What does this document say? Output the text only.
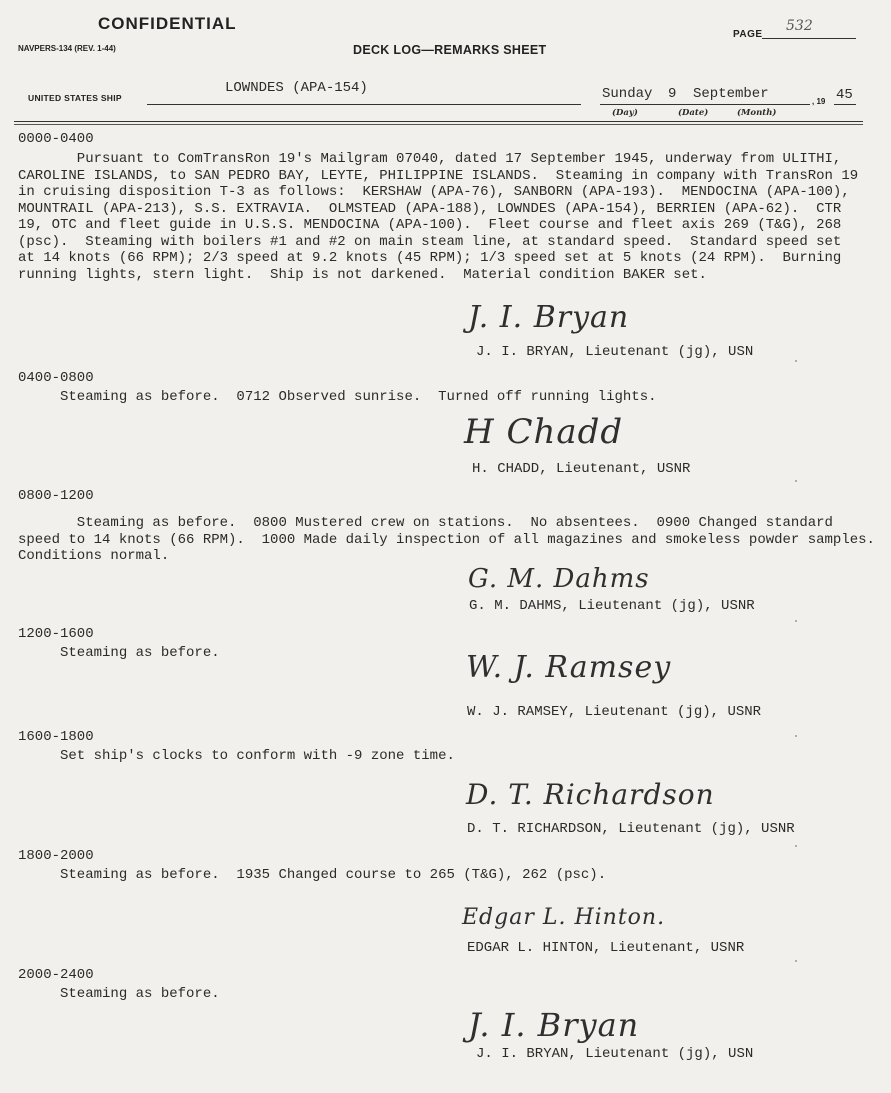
CONFIDENTIAL
PAGE
532
NAVPERS-134 (REV. 1-44)	DECK LOG—REMARKS SHEET
UNITED STATES SHIP
LOWNDES (APA-154)	Sunday 9 September	, 19 45
(Day)	(Date)	(Month)
0000-0400
Pursuant to ComTransRon 19's Mailgram 07040, dated 17 September 1945, underway from ULITHI,
CAROLINE ISLANDS, to SAN PEDRO BAY, LEYTE, PHILIPPINE ISLANDS.  Steaming in company with TransRon 19
in cruising disposition T-3 as follows:  KERSHAW (APA-76), SANBORN (APA-193).  MENDOCINA (APA-100),
MOUNTRAIL (APA-213), S.S. EXTRAVIA.  OLMSTEAD (APA-188), LOWNDES (APA-154), BERRIEN (APA-62).  CTR
19, OTC and fleet guide in U.S.S. MENDOCINA (APA-100).  Fleet course and fleet axis 269 (T&G), 268
(psc).  Steaming with boilers #1 and #2 on main steam line, at standard speed.  Standard speed set
at 14 knots (66 RPM); 2/3 speed at 9.2 knots (45 RPM); 1/3 speed set at 5 knots (24 RPM).  Burning
running lights, stern light.  Ship is not darkened.  Material condition BAKER set.
J. I. Bryan
J. I. BRYAN, Lieutenant (jg), USN
0400-0800
Steaming as before.  0712 Observed sunrise.  Turned off running lights.
H Chadd
H. CHADD, Lieutenant, USNR
0800-1200
Steaming as before.  0800 Mustered crew on stations.  No absentees.  0900 Changed standard
speed to 14 knots (66 RPM).  1000 Made daily inspection of all magazines and smokeless powder samples.
Conditions normal.
G. M. Dahms
G. M. DAHMS, Lieutenant (jg), USNR
1200-1600
Steaming as before.	W. J. Ramsey
W. J. RAMSEY, Lieutenant (jg), USNR
1600-1800
Set ship's clocks to conform with -9 zone time.
D. T. Richardson
D. T. RICHARDSON, Lieutenant (jg), USNR
1800-2000
Steaming as before.  1935 Changed course to 265 (T&G), 262 (psc).
Edgar L. Hinton.
EDGAR L. HINTON, Lieutenant, USNR
2000-2400
Steaming as before.
J. I. Bryan
J. I. BRYAN, Lieutenant (jg), USN
